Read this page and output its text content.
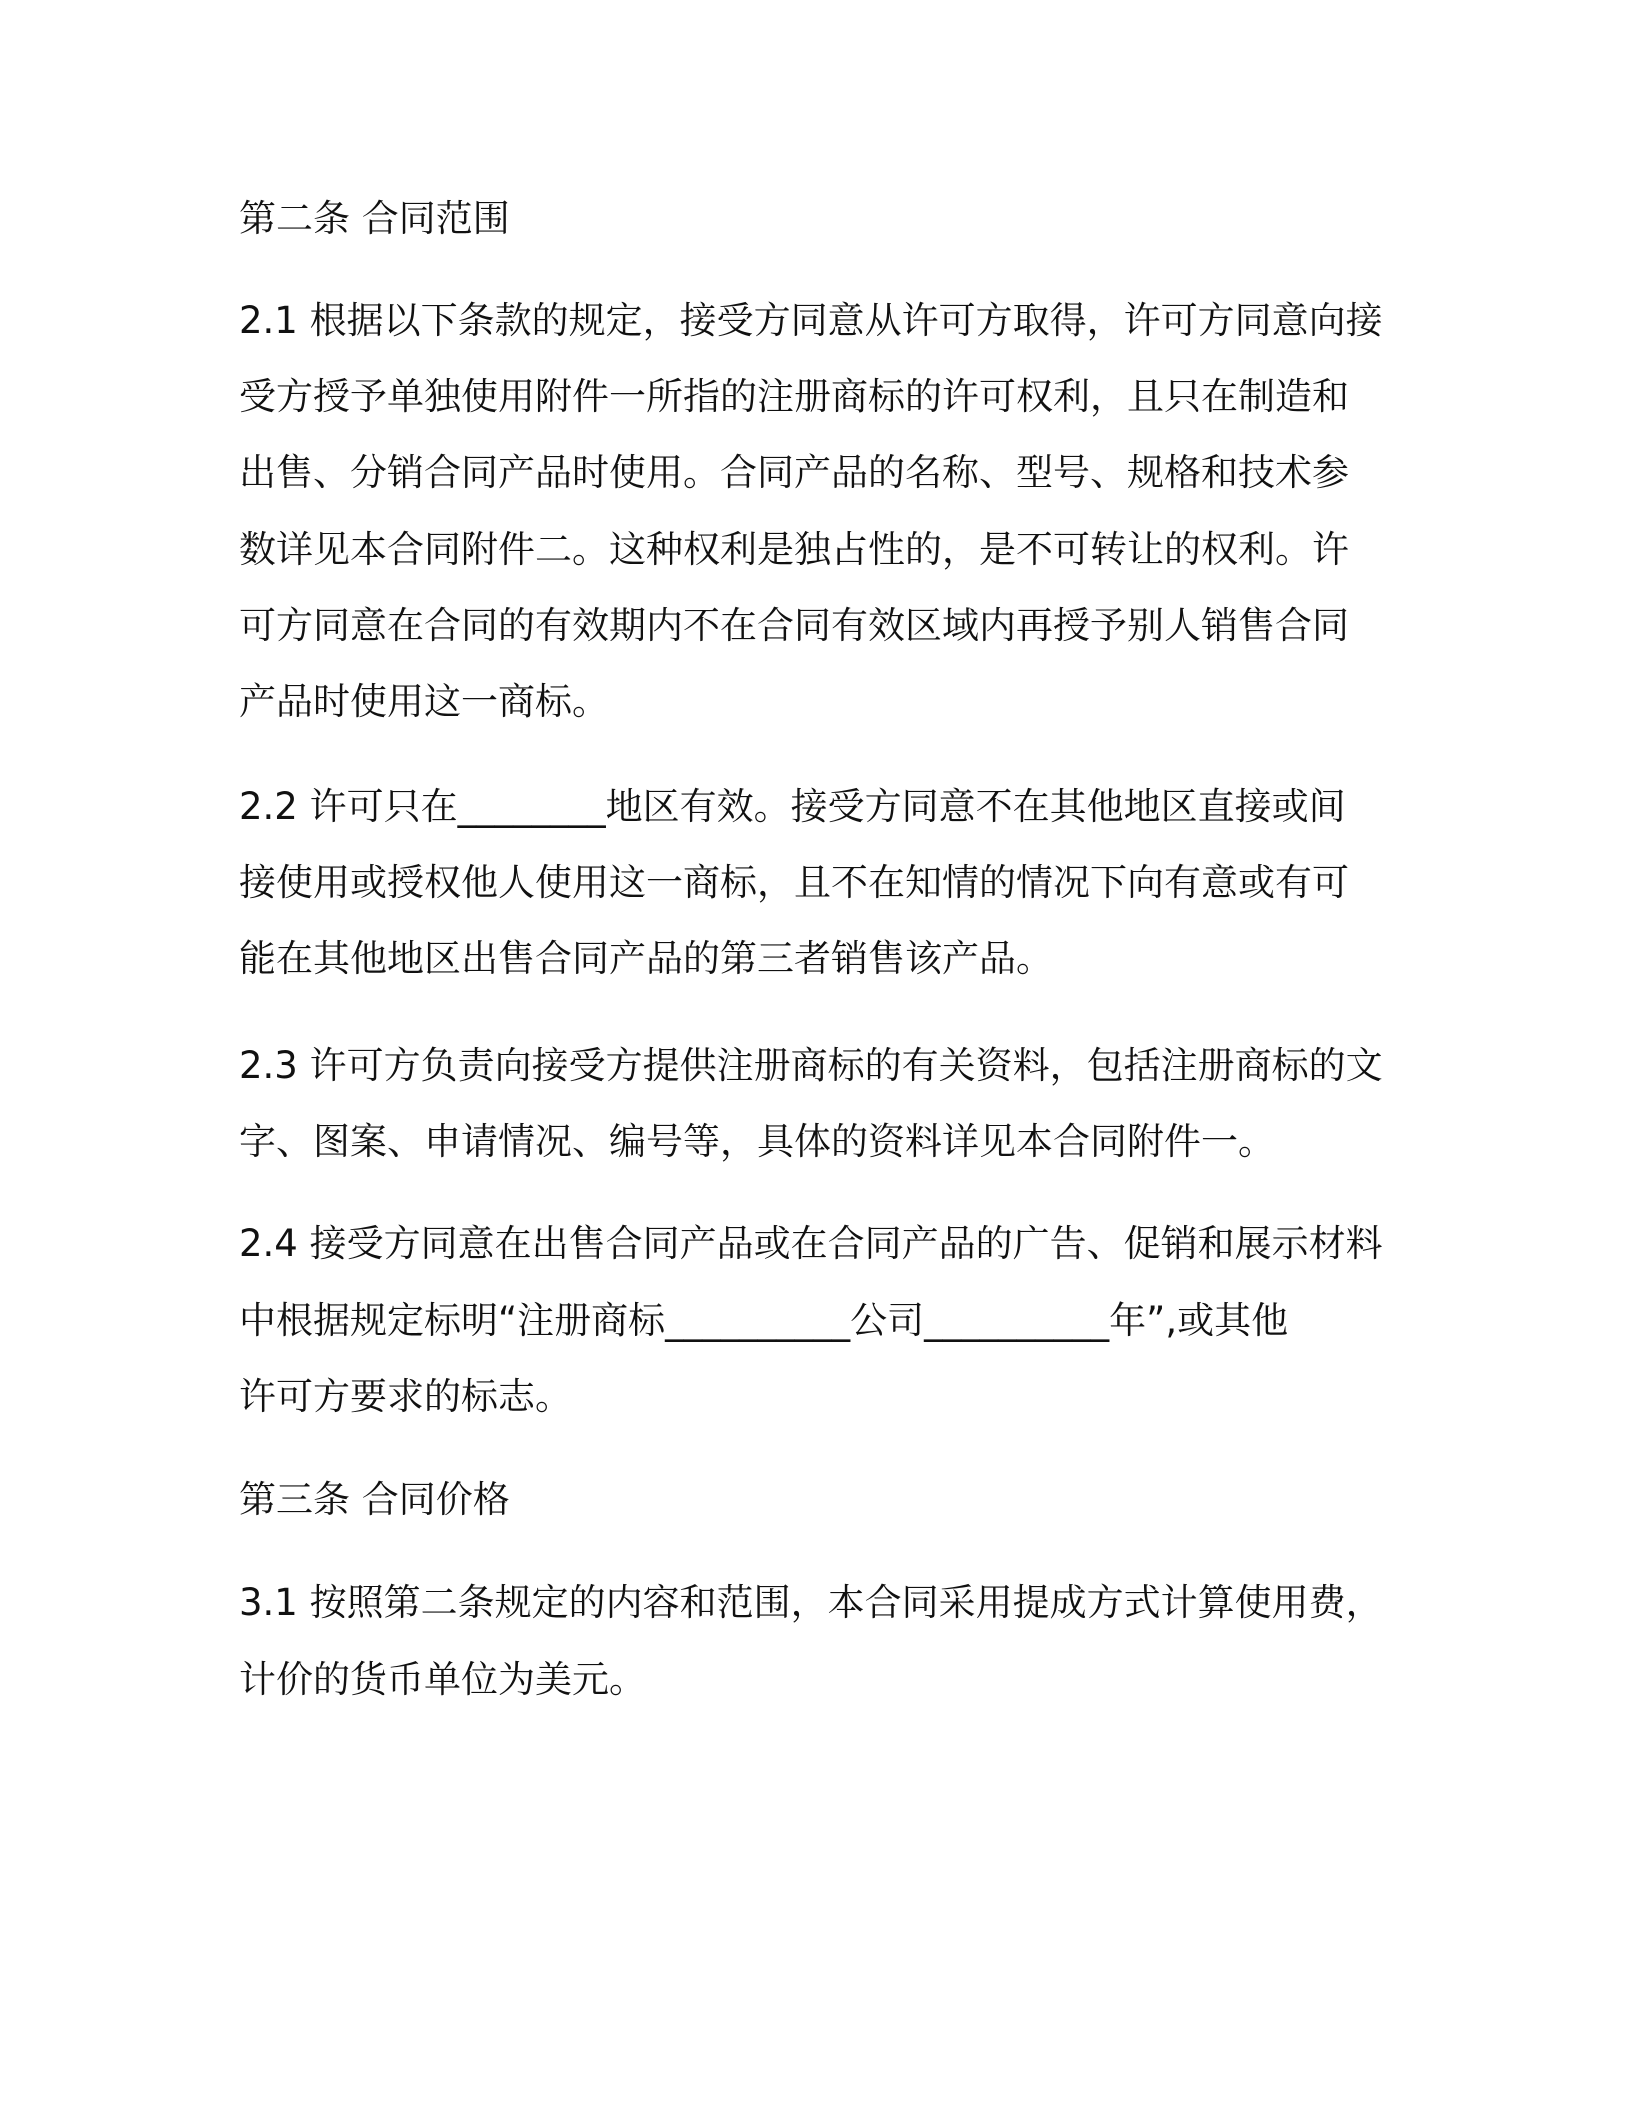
第二条 合同范围

2.1 根据以下条款的规定，接受方同意从许可方取得，许可方同意向接

受方授予单独使用附件一所指的注册商标的许可权利，且只在制造和

出售、分销合同产品时使用。合同产品的名称、型号、规格和技术参

数详见本合同附件二。这种权利是独占性的，是不可转让的权利。许

可方同意在合同的有效期内不在合同有效区域内再授予别人销售合同

产品时使用这一商标。

2.2 许可只在________地区有效。接受方同意不在其他地区直接或间

接使用或授权他人使用这一商标，且不在知情的情况下向有意或有可

能在其他地区出售合同产品的第三者销售该产品。

2.3 许可方负责向接受方提供注册商标的有关资料，包括注册商标的文

字、图案、申请情况、编号等，具体的资料详见本合同附件一。

2.4 接受方同意在出售合同产品或在合同产品的广告、促销和展示材料

中根据规定标明“注册商标__________公司__________年”,或其他

许可方要求的标志。

第三条 合同价格

3.1 按照第二条规定的内容和范围，本合同采用提成方式计算使用费，

计价的货币单位为美元。
